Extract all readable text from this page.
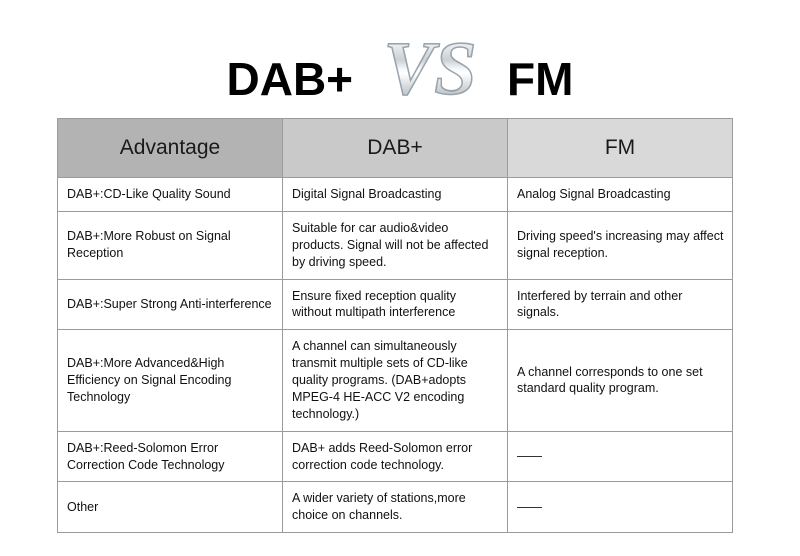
DAB+ VS FM
Advantage	DAB+	FM
DAB+:CD-Like Quality Sound	Digital Signal Broadcasting	Analog Signal Broadcasting
DAB+:More Robust on Signal Reception	Suitable for car audio&video products. Signal will not be affected by driving speed.	Driving speed's increasing may affect signal reception.
DAB+:Super Strong Anti-interference	Ensure fixed reception quality without multipath interference	Interfered by terrain and other signals.
DAB+:More Advanced&High Efficiency on Signal Encoding Technology	A channel can simultaneously transmit multiple sets of CD-like quality programs. (DAB+adopts MPEG-4 HE-ACC V2 encoding technology.)	A channel corresponds to one set standard quality program.
DAB+:Reed-Solomon Error Correction Code Technology	DAB+ adds Reed-Solomon error correction code technology.	——
Other	A wider variety of stations,more choice on channels.	——
